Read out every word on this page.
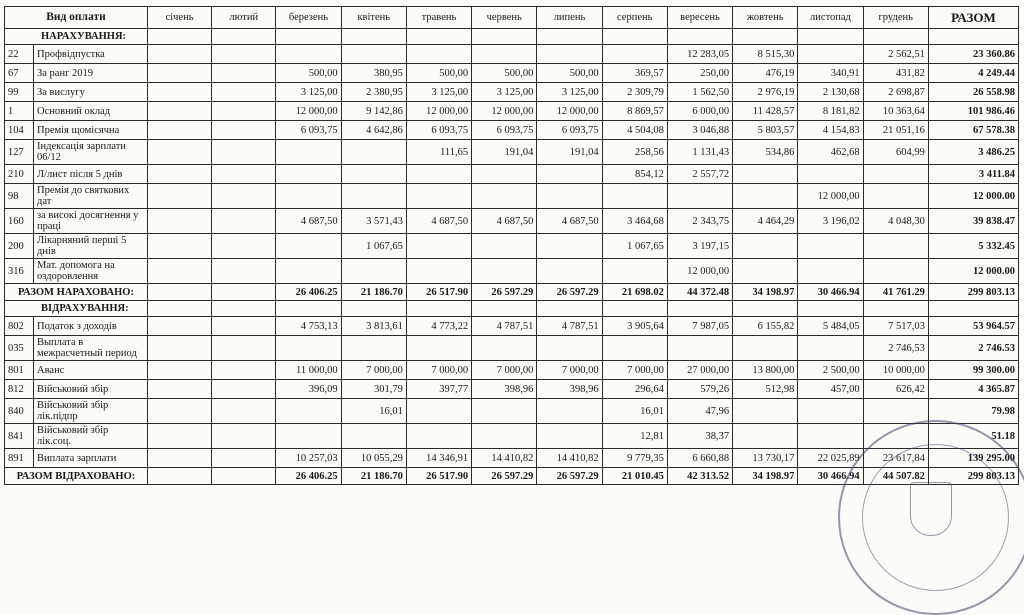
Вид оплати		січень	лютий	березень	квітень	травень	червень	липень	серпень	вересень	жовтень	листопад	грудень	РАЗОМ
НАРАХУВАННЯ:														
22	Профвідпустка									12 283,05	8 515,30		2 562,51	23 360.86
67	За ранг 2019			500,00	380,95	500,00	500,00	500,00	369,57	250,00	476,19	340,91	431,82	4 249.44
99	За вислугу			3 125,00	2 380,95	3 125,00	3 125,00	3 125,00	2 309,79	1 562,50	2 976,19	2 130,68	2 698,87	26 558.98
1	Основний оклад			12 000,00	9 142,86	12 000,00	12 000,00	12 000,00	8 869,57	6 000,00	11 428,57	8 181,82	10 363,64	101 986.46
104	Премія щомісячна			6 093,75	4 642,86	6 093,75	6 093,75	6 093,75	4 504,08	3 046,88	5 803,57	4 154,83	21 051,16	67 578.38
127	Індексація зарплати 06/12					111,65	191,04	191,04	258,56	1 131,43	534,86	462,68	604,99	3 486.25
210	Л/лист після 5 днів								854,12	2 557,72				3 411.84
98	Премія до святкових дат											12 000,00		12 000.00
160	за високі досягнення у праці			4 687,50	3 571,43	4 687,50	4 687,50	4 687,50	3 464,68	2 343,75	4 464,29	3 196,02	4 048,30	39 838.47
200	Лікарняний перші 5 днів				1 067,65				1 067,65	3 197,15				5 332.45
316	Мат. допомога на оздоровлення									12 000,00				12 000.00
РАЗОМ НАРАХОВАНО:				26 406.25	21 186.70	26 517.90	26 597.29	26 597.29	21 698.02	44 372.48	34 198.97	30 466.94	41 761.29	299 803.13
ВІДРАХУВАННЯ:														
802	Податок з доходів			4 753,13	3 813,61	4 773,22	4 787,51	4 787,51	3 905,64	7 987,05	6 155,82	5 484,05	7 517,03	53 964.57
035	Выплата в межрасчетный период												2 746,53	2 746.53
801	Аванс			11 000,00	7 000,00	7 000,00	7 000,00	7 000,00	7 000,00	27 000,00	13 800,00	2 500,00	10 000,00	99 300.00
812	Військовий збір			396,09	301,79	397,77	398,96	398,96	296,64	579,26	512,98	457,00	626,42	4 365.87
840	Військовий збір лік.підпр				16,01				16,01	47,96				79.98
841	Військовий збір лік.соц.								12,81	38,37				51.18
891	Виплата зарплати			10 257,03	10 055,29	14 346,91	14 410,82	14 410,82	9 779,35	6 660,88	13 730,17	22 025,89	23 617,84	139 295.00
РАЗОМ ВІДРАХОВАНО:				26 406.25	21 186.70	26 517.90	26 597.29	26 597.29	21 010.45	42 313.52	34 198.97	30 466.94	44 507.82	299 803.13
